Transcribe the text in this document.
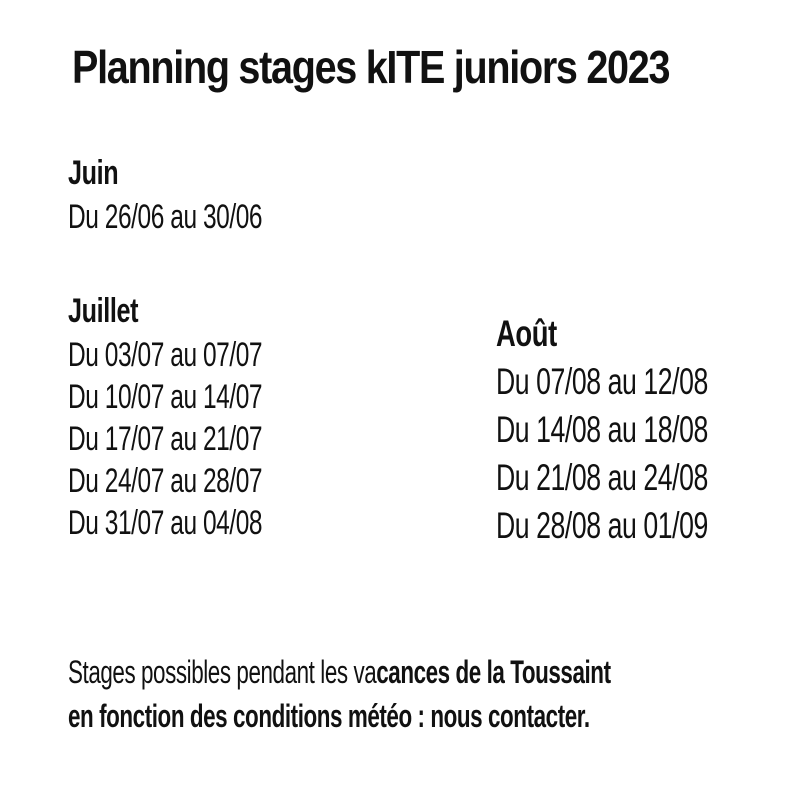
Planning stages kITE juniors 2023
Juin
Du 26/06 au 30/06
Juillet
Du 03/07 au 07/07
Du 10/07 au 14/07
Du 17/07 au 21/07
Du 24/07 au 28/07
Du 31/07 au 04/08
Août
Du 07/08 au 12/08
Du 14/08 au 18/08
Du 21/08 au 24/08
Du 28/08 au 01/09
Stages possibles pendant les vacances de la Toussaint
en fonction des conditions météo : nous contacter.
